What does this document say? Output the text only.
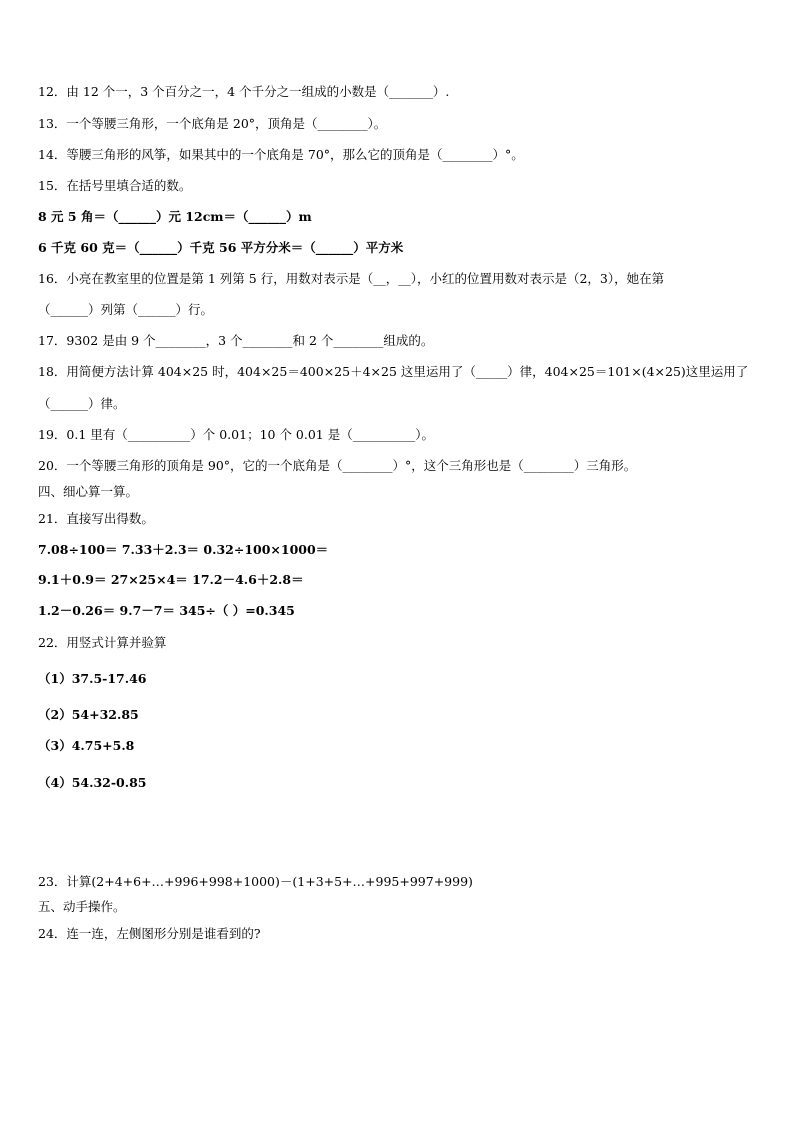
12．由 12 个一，3 个百分之一，4 个千分之一组成的小数是（_______）.
13．一个等腰三角形，一个底角是 20°，顶角是（________）。
14．等腰三角形的风筝，如果其中的一个底角是 70°，那么它的顶角是（________）°。
15．在括号里填合适的数。
8 元 5 角＝（______）元 12cm＝（______）m
6 千克 60 克＝（______）千克 56 平方分米＝（______）平方米
16．小亮在教室里的位置是第 1 列第 5 行，用数对表示是（__，__），小红的位置用数对表示是（2，3），她在第
（______）列第（______）行。
17．9302 是由 9 个________，3 个________和 2 个________组成的。
18．用简便方法计算 404×25 时，404×25＝400×25＋4×25 这里运用了（_____）律，404×25＝101×(4×25)这里运用了
（______）律。
19．0.1 里有（__________）个 0.01；10 个 0.01 是（__________）。
20．一个等腰三角形的顶角是 90°，它的一个底角是（________）°，这个三角形也是（________）三角形。
四、细心算一算。
21．直接写出得数。
7.08÷100＝ 7.33＋2.3＝ 0.32÷100×1000＝
9.1＋0.9＝ 27×25×4＝ 17.2－4.6＋2.8＝
1.2－0.26＝ 9.7－7＝ 345÷（ ）=0.345
22．用竖式计算并验算
（1）37.5-17.46
（2）54+32.85
（3）4.75+5.8
（4）54.32-0.85
23．计算(2+4+6+…+996+998+1000)－(1+3+5+…+995+997+999)
五、动手操作。
24．连一连，左侧图形分别是谁看到的?
